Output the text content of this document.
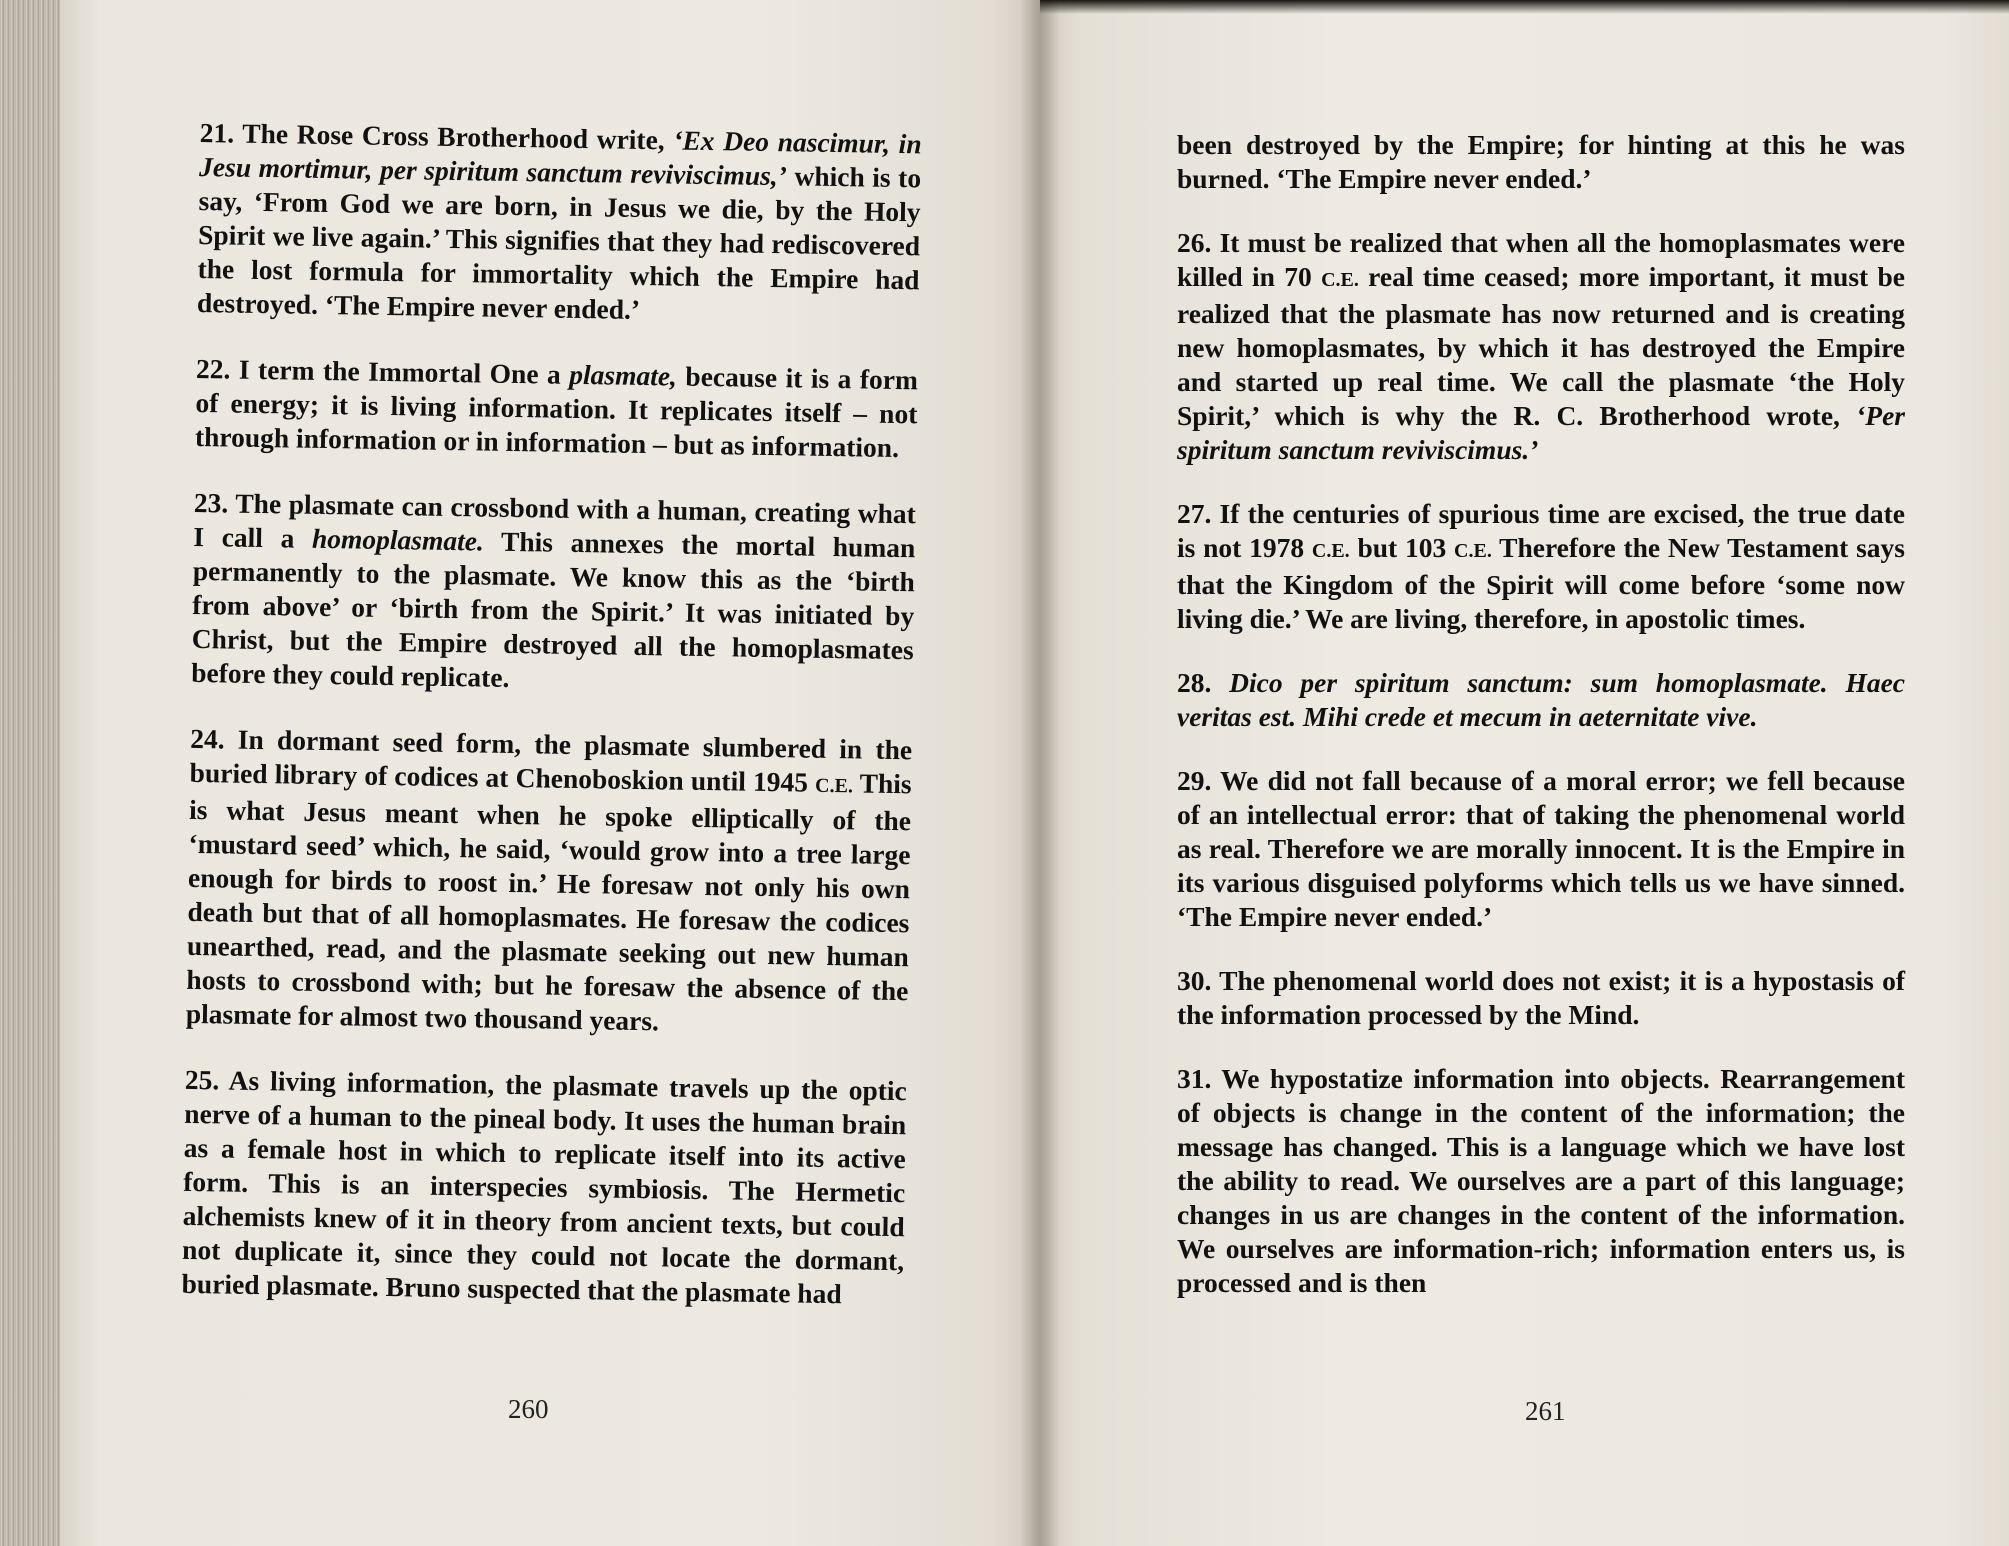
21. The Rose Cross Brotherhood write, ‘Ex Deo nascimur, in Jesu mortimur, per spiritum sanctum reviviscimus,’ which is to say, ‘From God we are born, in Jesus we die, by the Holy Spirit we live again.’ This signifies that they had rediscovered the lost formula for immortality which the Empire had destroyed. ‘The Empire never ended.’

22. I term the Immortal One a plasmate, because it is a form of energy; it is living information. It replicates itself – not through information or in information – but as information.

23. The plasmate can crossbond with a human, creating what I call a homoplasmate. This annexes the mortal human permanently to the plasmate. We know this as the ‘birth from above’ or ‘birth from the Spirit.’ It was initiated by Christ, but the Empire destroyed all the homoplasmates before they could replicate.

24. In dormant seed form, the plasmate slumbered in the buried library of codices at Chenoboskion until 1945 C.E. This is what Jesus meant when he spoke elliptically of the ‘mustard seed’ which, he said, ‘would grow into a tree large enough for birds to roost in.’ He foresaw not only his own death but that of all homoplasmates. He foresaw the codices unearthed, read, and the plasmate seeking out new human hosts to crossbond with; but he foresaw the absence of the plasmate for almost two thousand years.

25. As living information, the plasmate travels up the optic nerve of a human to the pineal body. It uses the human brain as a female host in which to replicate itself into its active form. This is an interspecies symbiosis. The Hermetic alchemists knew of it in theory from ancient texts, but could not duplicate it, since they could not locate the dormant, buried plasmate. Bruno suspected that the plasmate had

260

been destroyed by the Empire; for hinting at this he was burned. ‘The Empire never ended.’

26. It must be realized that when all the homoplasmates were killed in 70 C.E. real time ceased; more important, it must be realized that the plasmate has now returned and is creating new homoplasmates, by which it has destroyed the Empire and started up real time. We call the plasmate ‘the Holy Spirit,’ which is why the R. C. Brotherhood wrote, ‘Per spiritum sanctum reviviscimus.’

27. If the centuries of spurious time are excised, the true date is not 1978 C.E. but 103 C.E. Therefore the New Testament says that the Kingdom of the Spirit will come before ‘some now living die.’ We are living, therefore, in apostolic times.

28. Dico per spiritum sanctum: sum homoplasmate. Haec veritas est. Mihi crede et mecum in aeternitate vive.

29. We did not fall because of a moral error; we fell because of an intellectual error: that of taking the phenomenal world as real. Therefore we are morally innocent. It is the Empire in its various disguised polyforms which tells us we have sinned. ‘The Empire never ended.’

30. The phenomenal world does not exist; it is a hypostasis of the information processed by the Mind.

31. We hypostatize information into objects. Rearrangement of objects is change in the content of the information; the message has changed. This is a language which we have lost the ability to read. We ourselves are a part of this language; changes in us are changes in the content of the information. We ourselves are information-rich; information enters us, is processed and is then

261
